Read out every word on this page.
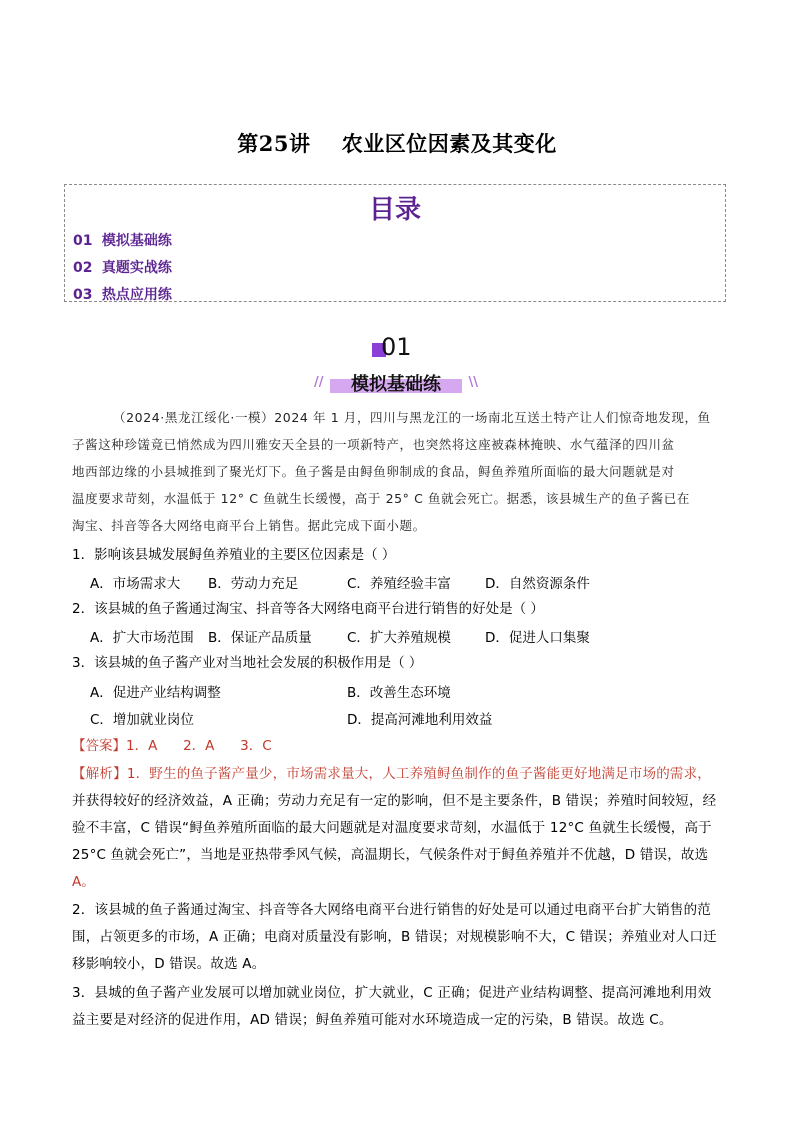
第25讲 农业区位因素及其变化
目录
01 模拟基础练
02 真题实战练
03 热点应用练
01
//	\\
模拟基础练
（2024·黑龙江绥化·一模）2024 年 1 月，四川与黑龙江的一场南北互送土特产让人们惊奇地发现，鱼
子酱这种珍馐竟已悄然成为四川雅安天全县的一项新特产，也突然将这座被森林掩映、水气蕴泽的四川盆
地西部边缘的小县城推到了聚光灯下。鱼子酱是由鲟鱼卵制成的食品，鲟鱼养殖所面临的最大问题就是对
温度要求苛刻，水温低于 12° C 鱼就生长缓慢，高于 25° C 鱼就会死亡。据悉，该县城生产的鱼子酱已在
淘宝、抖音等各大网络电商平台上销售。据此完成下面小题。
1．影响该县城发展鲟鱼养殖业的主要区位因素是（ ）
A．市场需求大 B．劳动力充足	C．养殖经验丰富	D．自然资源条件
2．该县城的鱼子酱通过淘宝、抖音等各大网络电商平台进行销售的好处是（ ）
A．扩大市场范围 B．保证产品质量	C．扩大养殖规模	D．促进人口集聚
3．该县城的鱼子酱产业对当地社会发展的积极作用是（ ）
A．促进产业结构调整	B．改善生态环境
C．增加就业岗位	D．提高河滩地利用效益
【答案】1．A      2．A      3．C
【解析】1．野生的鱼子酱产量少，市场需求量大，人工养殖鲟鱼制作的鱼子酱能更好地满足市场的需求，
并获得较好的经济效益，A 正确；劳动力充足有一定的影响，但不是主要条件，B 错误；养殖时间较短，经
验不丰富，C 错误“鲟鱼养殖所面临的最大问题就是对温度要求苛刻，水温低于 12°C 鱼就生长缓慢，高于
25°C 鱼就会死亡”，当地是亚热带季风气候，高温期长，气候条件对于鲟鱼养殖并不优越，D 错误，故选
A。
2．该县城的鱼子酱通过淘宝、抖音等各大网络电商平台进行销售的好处是可以通过电商平台扩大销售的范
围，占领更多的市场，A 正确；电商对质量没有影响，B 错误；对规模影响不大，C 错误；养殖业对人口迁
移影响较小，D 错误。故选 A。
3．县城的鱼子酱产业发展可以增加就业岗位，扩大就业，C 正确；促进产业结构调整、提高河滩地利用效
益主要是对经济的促进作用，AD 错误；鲟鱼养殖可能对水环境造成一定的污染，B 错误。故选 C。
